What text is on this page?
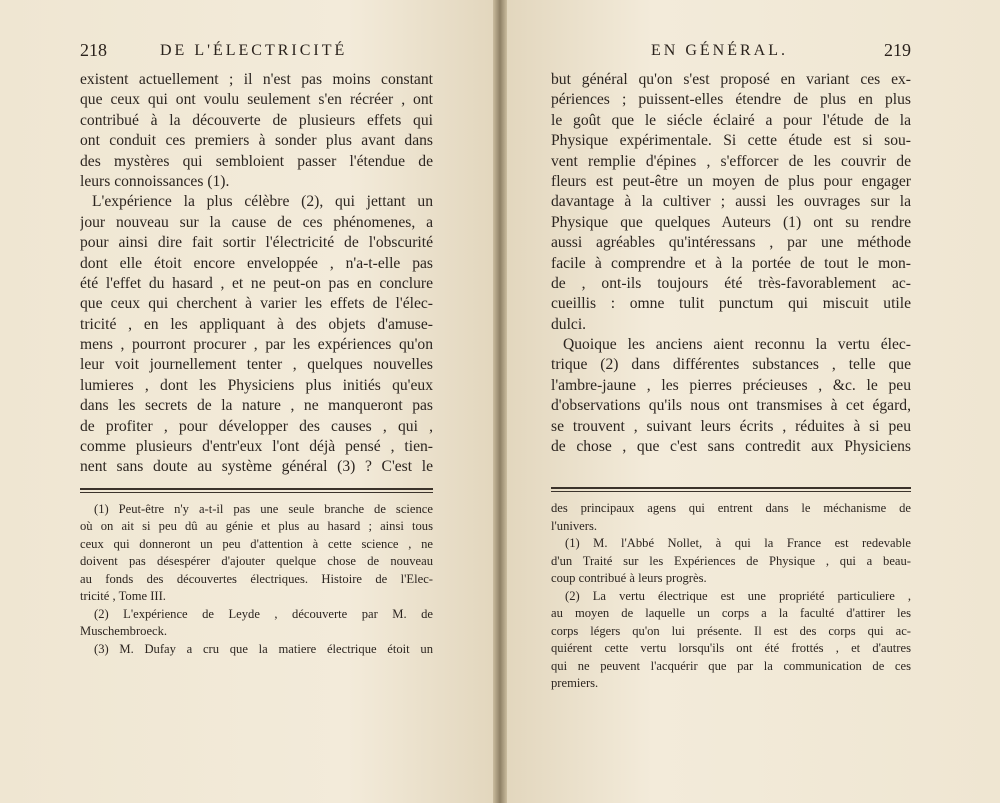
218	DE L'ÉLECTRICITÉ
existent actuellement ; il n'est pas moins constant
que ceux qui ont voulu seulement s'en récréer , ont
contribué à la découverte de plusieurs effets qui
ont conduit ces premiers à sonder plus avant dans
des mystères qui sembloient passer l'étendue de
leurs connoissances (1).
L'expérience la plus célèbre (2), qui jettant un
jour nouveau sur la cause de ces phénomenes, a
pour ainsi dire fait sortir l'électricité de l'obscurité
dont elle étoit encore enveloppée , n'a-t-elle pas
été l'effet du hasard , et ne peut-on pas en conclure
que ceux qui cherchent à varier les effets de l'élec-
tricité , en les appliquant à des objets d'amuse-
mens , pourront procurer , par les expériences qu'on
leur voit journellement tenter , quelques nouvelles
lumieres , dont les Physiciens plus initiés qu'eux
dans les secrets de la nature , ne manqueront pas
de profiter , pour développer des causes , qui ,
comme plusieurs d'entr'eux l'ont déjà pensé , tien-
nent sans doute au système général (3) ? C'est le
(1) Peut-être n'y a-t-il pas une seule branche de science
où on ait si peu dû au génie et plus au hasard ; ainsi tous
ceux qui donneront un peu d'attention à cette science , ne
doivent pas désespérer d'ajouter quelque chose de nouveau
au fonds des découvertes électriques. Histoire de l'Elec-
tricité , Tome III.
(2) L'expérience de Leyde , découverte par M. de
Muschembroeck.
(3) M. Dufay a cru que la matiere électrique étoit un
EN GÉNÉRAL.	219
but général qu'on s'est proposé en variant ces ex-
périences ; puissent-elles étendre de plus en plus
le goût que le siécle éclairé a pour l'étude de la
Physique expérimentale. Si cette étude est si sou-
vent remplie d'épines , s'efforcer de les couvrir de
fleurs est peut-être un moyen de plus pour engager
davantage à la cultiver ; aussi les ouvrages sur la
Physique que quelques Auteurs (1) ont su rendre
aussi agréables qu'intéressans , par une méthode
facile à comprendre et à la portée de tout le mon-
de , ont-ils toujours été très-favorablement ac-
cueillis : omne tulit punctum qui miscuit utile
dulci.
Quoique les anciens aient reconnu la vertu élec-
trique (2) dans différentes substances , telle que
l'ambre-jaune , les pierres précieuses , &c. le peu
d'observations qu'ils nous ont transmises à cet égard,
se trouvent , suivant leurs écrits , réduites à si peu
de chose , que c'est sans contredit aux Physiciens
des principaux agens qui entrent dans le méchanisme de
l'univers.
(1) M. l'Abbé Nollet, à qui la France est redevable
d'un Traité sur les Expériences de Physique , qui a beau-
coup contribué à leurs progrès.
(2) La vertu électrique est une propriété particuliere ,
au moyen de laquelle un corps a la faculté d'attirer les
corps légers qu'on lui présente. Il est des corps qui ac-
quiérent cette vertu lorsqu'ils ont été frottés , et d'autres
qui ne peuvent l'acquérir que par la communication de ces
premiers.
